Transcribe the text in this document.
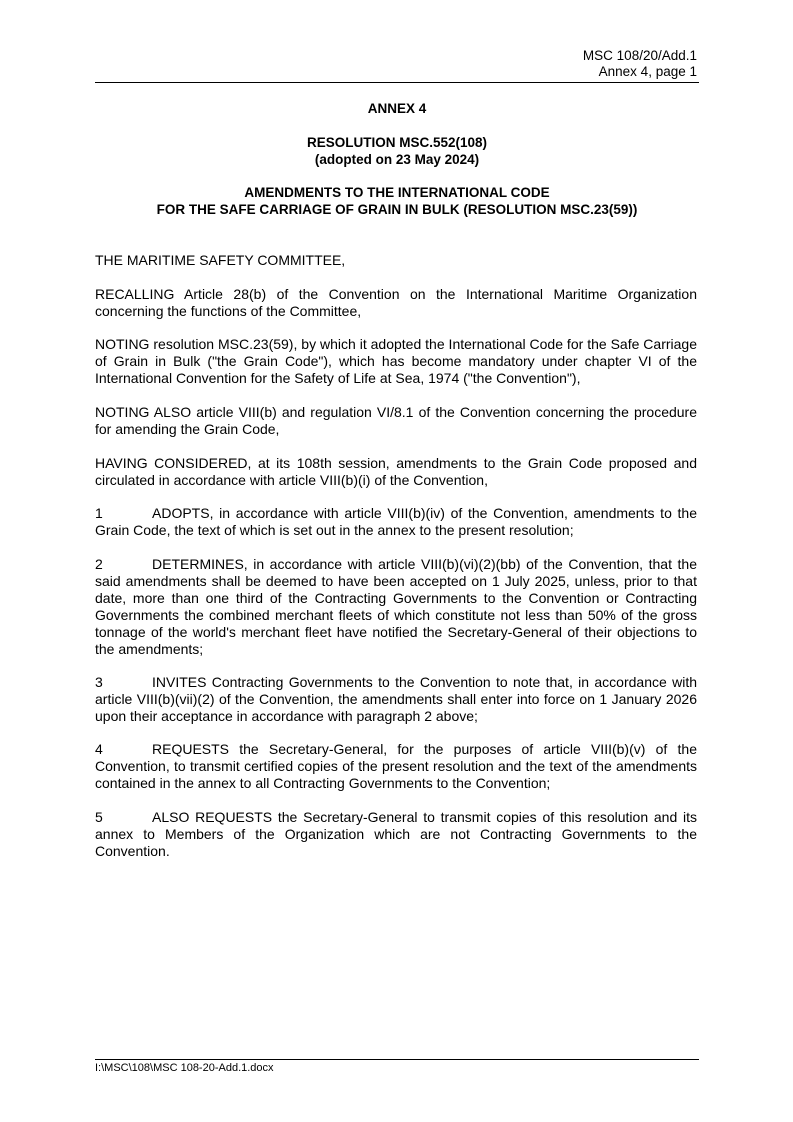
MSC 108/20/Add.1
Annex 4, page 1
ANNEX 4
RESOLUTION MSC.552(108)
(adopted on 23 May 2024)
AMENDMENTS TO THE INTERNATIONAL CODE
FOR THE SAFE CARRIAGE OF GRAIN IN BULK (RESOLUTION MSC.23(59))

THE MARITIME SAFETY COMMITTEE,

RECALLING Article 28(b) of the Convention on the International Maritime Organization concerning the functions of the Committee,

NOTING resolution MSC.23(59), by which it adopted the International Code for the Safe Carriage of Grain in Bulk ("the Grain Code"), which has become mandatory under chapter VI of the International Convention for the Safety of Life at Sea, 1974 ("the Convention"),

NOTING ALSO article VIII(b) and regulation VI/8.1 of the Convention concerning the procedure for amending the Grain Code,

HAVING CONSIDERED, at its 108th session, amendments to the Grain Code proposed and circulated in accordance with article VIII(b)(i) of the Convention,

1	ADOPTS, in accordance with article VIII(b)(iv) of the Convention, amendments to the Grain Code, the text of which is set out in the annex to the present resolution;

2	DETERMINES, in accordance with article VIII(b)(vi)(2)(bb) of the Convention, that the said amendments shall be deemed to have been accepted on 1 July 2025, unless, prior to that date, more than one third of the Contracting Governments to the Convention or Contracting Governments the combined merchant fleets of which constitute not less than 50% of the gross tonnage of the world's merchant fleet have notified the Secretary-General of their objections to the amendments;

3	INVITES Contracting Governments to the Convention to note that, in accordance with article VIII(b)(vii)(2) of the Convention, the amendments shall enter into force on 1 January 2026 upon their acceptance in accordance with paragraph 2 above;

4	REQUESTS the Secretary-General, for the purposes of article VIII(b)(v) of the Convention, to transmit certified copies of the present resolution and the text of the amendments contained in the annex to all Contracting Governments to the Convention;

5	ALSO REQUESTS the Secretary-General to transmit copies of this resolution and its annex to Members of the Organization which are not Contracting Governments to the Convention.

I:\MSC\108\MSC 108-20-Add.1.docx
